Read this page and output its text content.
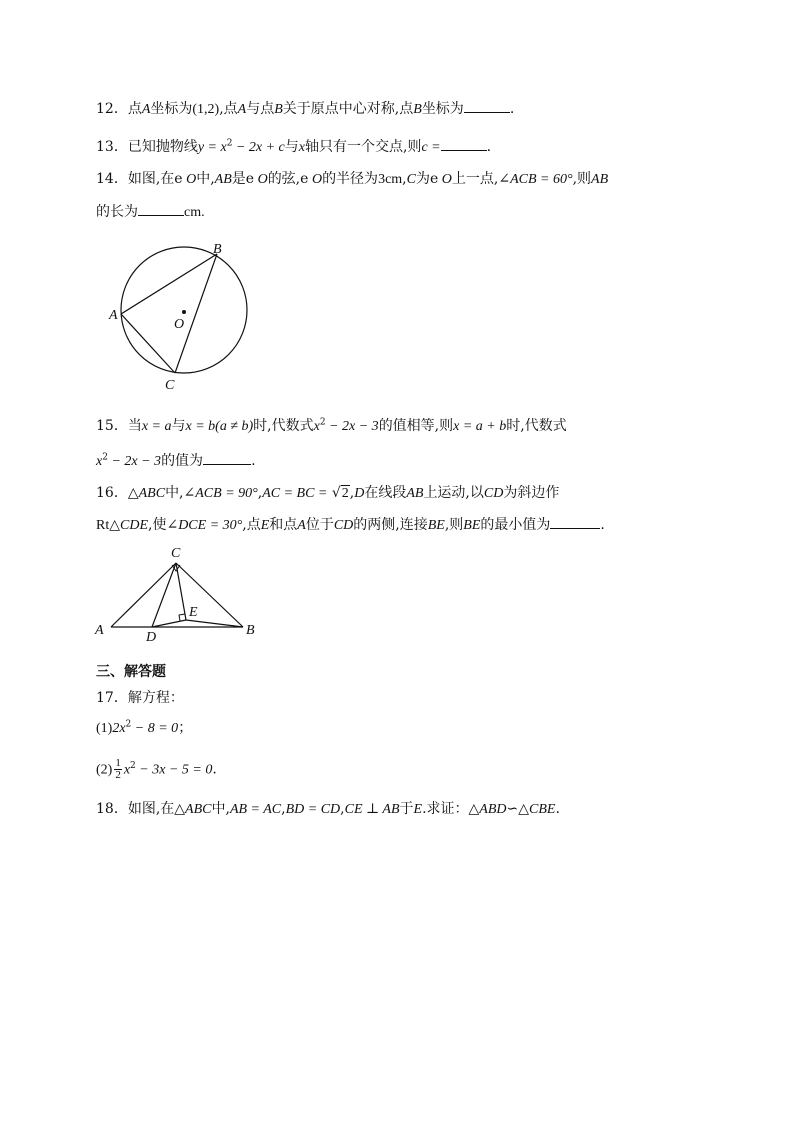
12．点A坐标为(1,2),点A与点B关于原点中心对称,点B坐标为	.
13．已知抛物线$y = x^2 - 2x + c$与x轴只有一个交点,则c =	.
14．如图,在e O中,AB是e O的弦,e O的半径为3cm,C为e O上一点,∠ACB = 60°,则AB
的长为	cm.
A
B
C
O
15．当x = a与x = b(a ≠ b)时,代数式$x^2 - 2x - 3$的值相等,则x = a + b时,代数式
$x^2 - 2x - 3$的值为	.
16．△ABC中,∠ACB = 90°,AC = BC = √2,D在线段AB上运动,以CD为斜边作
Rt△CDE,使∠DCE = 30°,点E和点A位于CD的两侧,连接BE,则BE的最小值为	.
C
A	B
D
E
三、解答题
17．解方程：
$(1)2x^2 - 8 = 0$；
$(2) \frac{1}{2} x^2 - 3x - 5 = 0$.
18．如图,在△ABC中,AB = AC,BD = CD,CE ⊥ AB于E.求证：△ABD∽△CBE.
